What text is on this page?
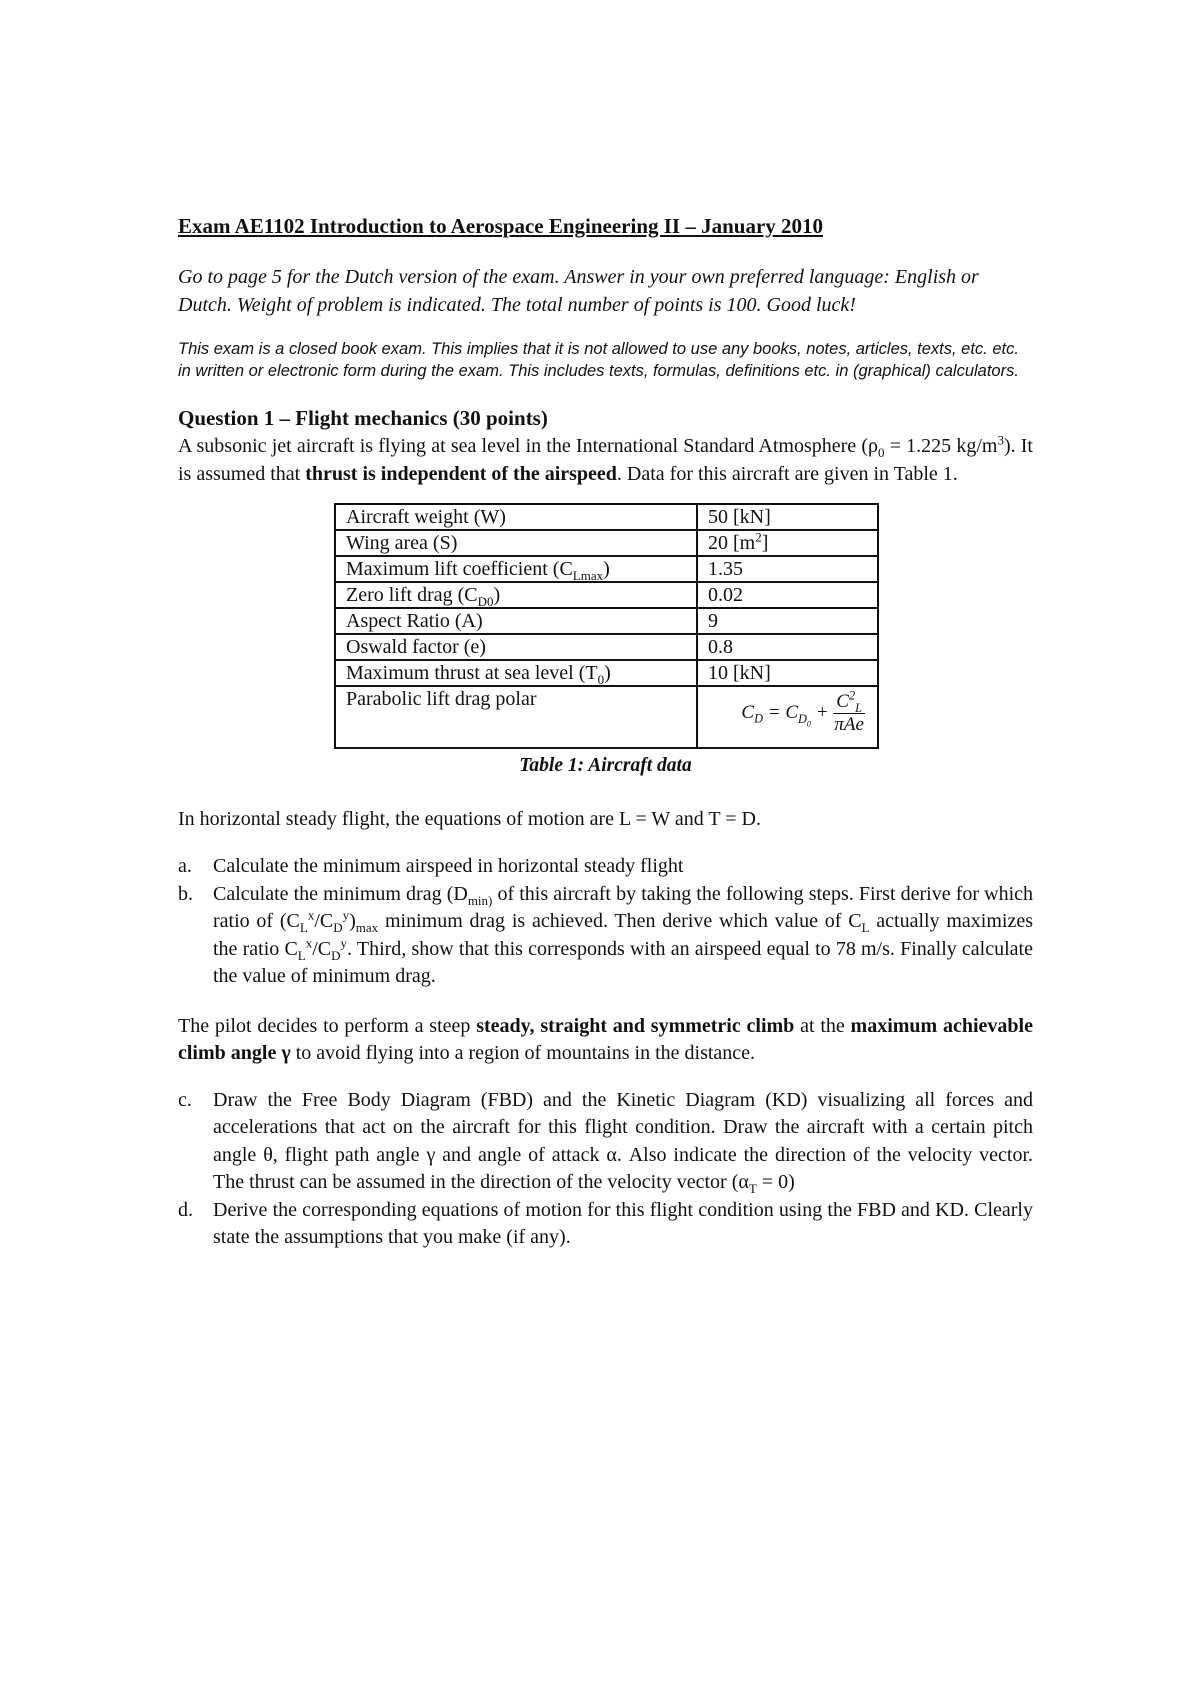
Exam AE1102 Introduction to Aerospace Engineering II – January 2010

Go to page 5 for the Dutch version of the exam. Answer in your own preferred language: English or Dutch. Weight of problem is indicated. The total number of points is 100. Good luck!

This exam is a closed book exam. This implies that it is not allowed to use any books, notes, articles, texts, etc. etc. in written or electronic form during the exam. This includes texts, formulas, definitions etc. in (graphical) calculators.

Question 1 – Flight mechanics (30 points)

A subsonic jet aircraft is flying at sea level in the International Standard Atmosphere ($\rho_0 = 1.225$ $kg/m^3$). It is assumed that thrust is independent of the airspeed. Data for this aircraft are given in Table 1.

Aircraft weight (W)	50 [kN]
Wing area (S)	20 $[m^2]$
Maximum lift coefficient $(C_{Lmax})$	1.35
Zero lift drag $(C_{D0})$	0.02
Aspect Ratio (A)	9
Oswald factor (e)	0.8
Maximum thrust at sea level $(T_0)$	10 [kN]
Parabolic lift drag polar	$C_D = C_{D_0} + \frac{C^2_L}{\text{πAe}}$

Table 1: Aircraft data

In horizontal steady flight, the equations of motion are L = W and T = D.

a. Calculate the minimum airspeed in horizontal steady flight
b. Calculate the minimum drag ($D_{min)}$ of this aircraft by taking the following steps. First derive for which ratio of $(C_L^x/C_D^y)_{max}$ minimum drag is achieved. Then derive which value of $C_L$ actually maximizes the ratio $C_L^x/C_D^y$. Third, show that this corresponds with an airspeed equal to 78 m/s. Finally calculate the value of minimum drag.

The pilot decides to perform a steep steady, straight and symmetric climb at the maximum achievable climb angle γ to avoid flying into a region of mountains in the distance.

c. Draw the Free Body Diagram (FBD) and the Kinetic Diagram (KD) visualizing all forces and accelerations that act on the aircraft for this flight condition. Draw the aircraft with a certain pitch angle θ, flight path angle γ and angle of attack α. Also indicate the direction of the velocity vector. The thrust can be assumed in the direction of the velocity vector $(\alpha_T = 0)$
d. Derive the corresponding equations of motion for this flight condition using the FBD and KD. Clearly state the assumptions that you make (if any).
